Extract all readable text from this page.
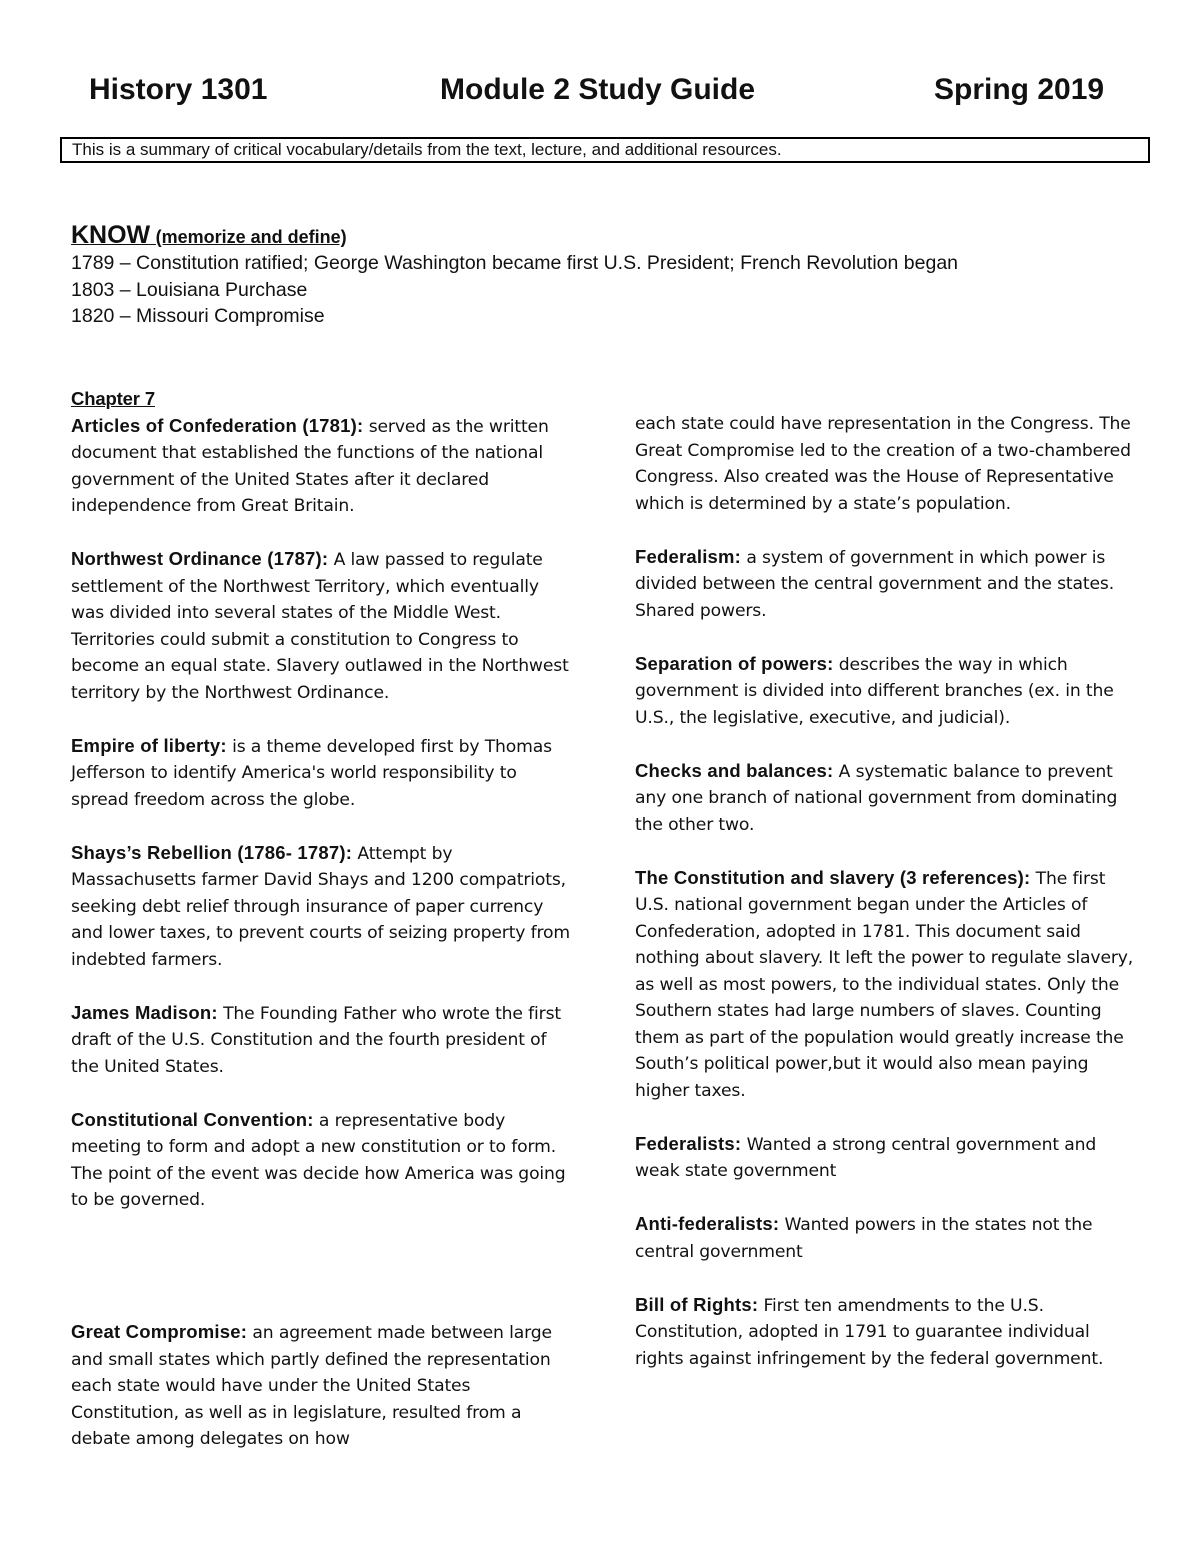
History 1301	Module 2 Study Guide	Spring 2019
This is a summary of critical vocabulary/details from the text, lecture, and additional resources.
KNOW (memorize and define)
1789 – Constitution ratified; George Washington became first U.S. President; French Revolution began
1803 – Louisiana Purchase
1820 – Missouri Compromise
Chapter 7
Articles of Confederation (1781): served as the written document that established the functions of the national government of the United States after it declared independence from Great Britain.
Northwest Ordinance (1787): A law passed to regulate settlement of the Northwest Territory, which eventually was divided into several states of the Middle West. Territories could submit a constitution to Congress to become an equal state. Slavery outlawed in the Northwest territory by the Northwest Ordinance.
Empire of liberty: is a theme developed first by Thomas Jefferson to identify America's world responsibility to spread freedom across the globe.
Shays’s Rebellion (1786- 1787): Attempt by Massachusetts farmer David Shays and 1200 compatriots, seeking debt relief through insurance of paper currency and lower taxes, to prevent courts of seizing property from indebted farmers.
James Madison: The Founding Father who wrote the first draft of the U.S. Constitution and the fourth president of the United States.
Constitutional Convention: a representative body meeting to form and adopt a new constitution or to form. The point of the event was decide how America was going to be governed.
Great Compromise: an agreement made between large and small states which partly defined the representation each state would have under the United States Constitution, as well as in legislature, resulted from a debate among delegates on how
each state could have representation in the Congress. The Great Compromise led to the creation of a two-chambered Congress. Also created was the House of Representative which is determined by a state’s population.
Federalism: a system of government in which power is divided between the central government and the states. Shared powers.
Separation of powers: describes the way in which government is divided into different branches (ex. in the U.S., the legislative, executive, and judicial).
Checks and balances: A systematic balance to prevent any one branch of national government from dominating the other two.
The Constitution and slavery (3 references): The first U.S. national government began under the Articles of Confederation, adopted in 1781. This document said nothing about slavery. It left the power to regulate slavery, as well as most powers, to the individual states. Only the Southern states had large numbers of slaves. Counting them as part of the population would greatly increase the South’s political power,but it would also mean paying higher taxes.
Federalists: Wanted a strong central government and weak state government
Anti-federalists: Wanted powers in the states not the central government
Bill of Rights: First ten amendments to the U.S. Constitution, adopted in 1791 to guarantee individual rights against infringement by the federal government.
